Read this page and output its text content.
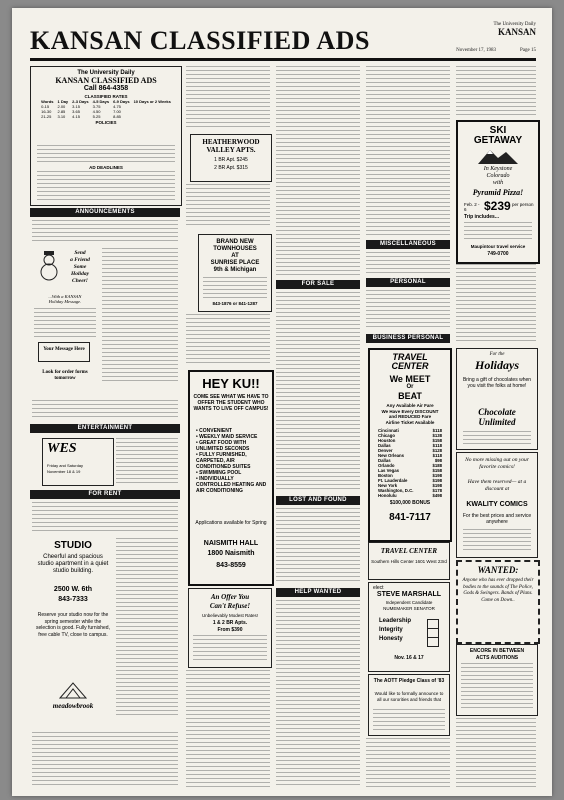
KANSAN CLASSIFIED ADS
The University Daily
KANSAN
November 17, 1983	Page 15
The University Daily
KANSAN CLASSIFIED ADS
Call 864-4358
CLASSIFIED RATES
Words	1 Day	2-3 Days	4-5 Days	6-9 Days	10 Days or 2 Weeks
0-15	2.00	3.15	3.75	4.75	
16-30	2.85	3.65	4.50	7.00	
21-25	3.10	4.15	5.25	8.85	
POLICIES
AD DEADLINES
ANNOUNCEMENTS
Send
a Friend
Some
Holiday
Cheer!
...With a KANSAN
Holiday Message.
Your Message Here
Look for order forms tomorrow
ENTERTAINMENT
WES
Friday and Saturday
November 18 & 19
FOR RENT
STUDIO
Cheerful and spacious studio apartment in a quiet studio building.
2500 W. 6th
843-7333
Reserve your studio now for the spring semester while the selection is good. Fully furnished, free cable TV, close to campus.
meadowbrook
HEATHERWOOD VALLEY APTS.
1 BR Apt. $245
2 BR Apt. $315
BRAND NEW
TOWNHOUSES
AT
SUNRISE PLACE
9th & Michigan
843-1876 or 841-1287
HEY KU!!
COME SEE WHAT WE HAVE TO OFFER THE STUDENT WHO WANTS TO LIVE OFF CAMPUS!
• CONVENIENT
• WEEKLY MAID SERVICE
• GREAT FOOD WITH UNLIMITED SECONDS
• FULLY FURNISHED, CARPETED, AIR CONDITIONED SUITES
• SWIMMING POOL
• INDIVIDUALLY CONTROLLED HEATING AND AIR CONDITIONING
Applications available for Spring
NAISMITH HALL
1800 Naismith
843-8559
An Offer You
Can't Refuse!
Unbelievably Modest Rates!
1 & 2 BR Apts.
From $390
FOR SALE
LOST AND FOUND
HELP WANTED
MISCELLANEOUS
PERSONAL
BUSINESS PERSONAL
TRAVEL
CENTER
We MEET
Or
BEAT
Any Available Air Fare
We Have Every DISCOUNT
and REDUCED Fare
Airline Ticket Available
Cincinnati	$118
Chicago	$138
Houston	$158
Dallas	$118
Denver	$128
New Orleans	$118
Dallas	$98
Orlando	$188
Las Vegas	$158
Boston	$198
Ft. Lauderdale	$198
New York	$198
Washington, D.C.	$178
Honolulu	$498
$100,000 BONUS
841-7117
TRAVEL CENTER
Southern Hills Center 1601 West 23rd
elect
STEVE MARSHALL
Independent Candidate
NUMEMAKER SENATOR
Leadership
Integrity
Honesty
Nov. 16 & 17
The AOTT Pledge Class of '83
Would like to formally announce to all our sororities and friends that
SKI
GETAWAY
In Keystone
Colorado
with
Pyramid Pizza!
Feb. 2 - 6	$239 per person
Trip includes...
Maupintour travel service
749-0700
For the
Holidays
Bring a gift of chocolates when you visit the folks at home!
Chocolate
Unlimited
No more missing out on your favorite comics!
Have them reserved— at a discount at
KWALITY COMICS
For the best prices and service anywhere
WANTED:
Anyone who has ever dropped their bodies to the sounds of The Police, Gods & Swingers. Bands of Plans. Come on Down..
ENCORE IN BETWEEN
ACTS AUDITIONS
